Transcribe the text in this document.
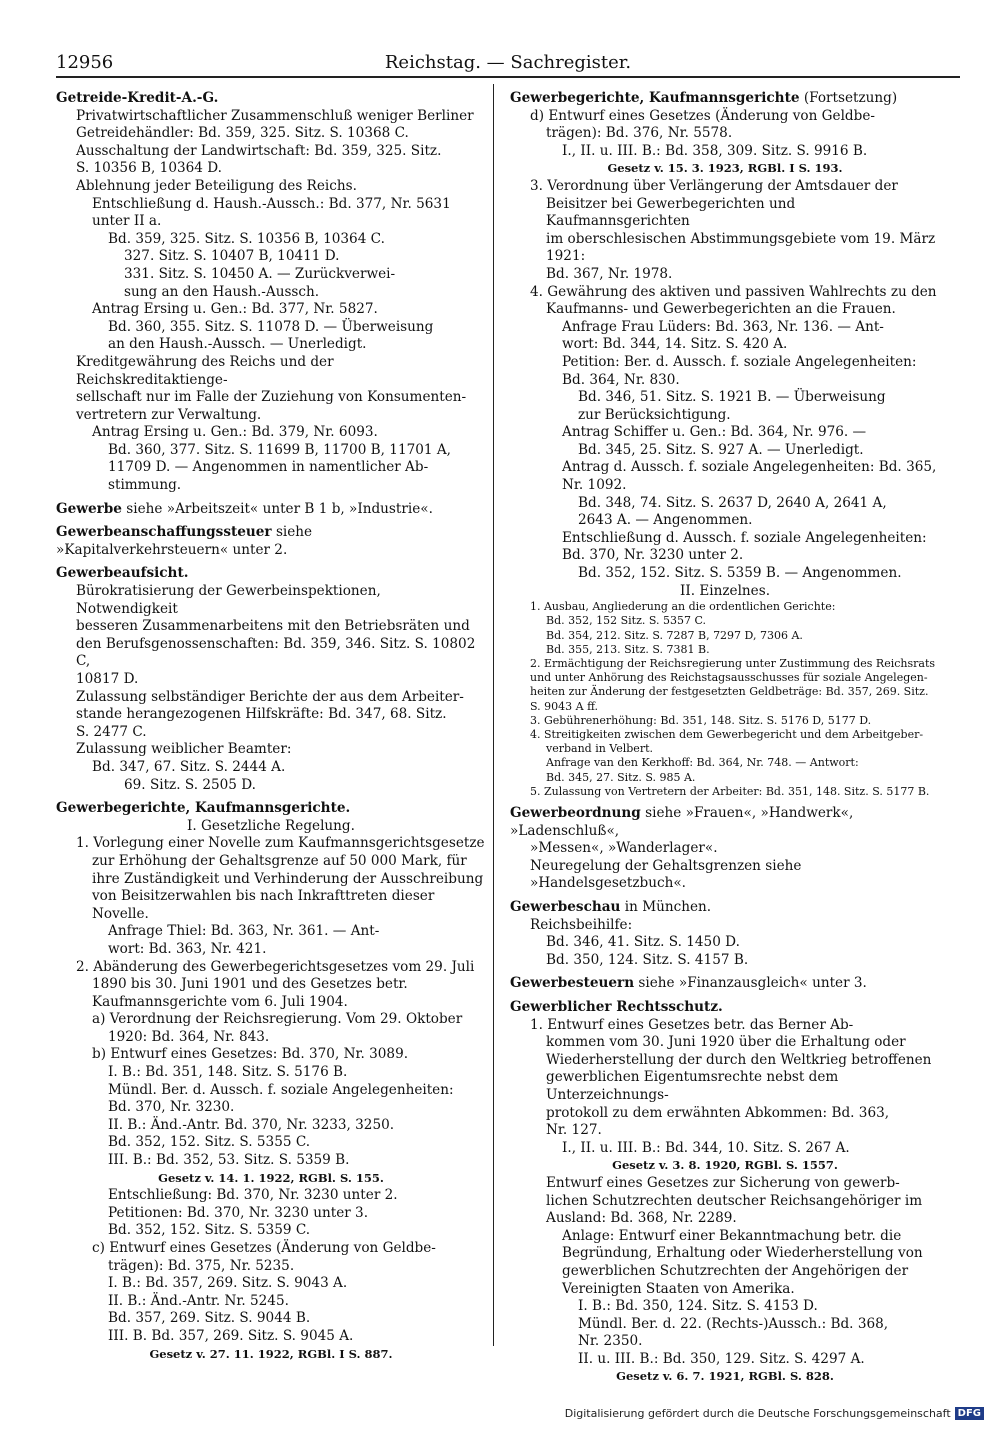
12956	Reichstag. — Sachregister.
Getreide-Kredit-A.-G.
Privatwirtschaftlicher Zusammenschluß weniger Berliner
Getreidehändler: Bd. 359, 325. Sitz. S. 10368 C.
Ausschaltung der Landwirtschaft: Bd. 359, 325. Sitz.
S. 10356 B, 10364 D.
Ablehnung jeder Beteiligung des Reichs.
Entschließung d. Haush.-Aussch.: Bd. 377, Nr. 5631
unter II a.
Bd. 359, 325. Sitz. S. 10356 B, 10364 C.
327. Sitz. S. 10407 B, 10411 D.
331. Sitz. S. 10450 A. — Zurückverwei-
sung an den Haush.-Aussch.
Antrag Ersing u. Gen.: Bd. 377, Nr. 5827.
Bd. 360, 355. Sitz. S. 11078 D. — Überweisung
an den Haush.-Aussch. — Unerledigt.
Kreditgewährung des Reichs und der Reichskreditaktienge-
sellschaft nur im Falle der Zuziehung von Konsumenten-
vertretern zur Verwaltung.
Antrag Ersing u. Gen.: Bd. 379, Nr. 6093.
Bd. 360, 377. Sitz. S. 11699 B, 11700 B, 11701 A,
11709 D. — Angenommen in namentlicher Ab-
stimmung.
Gewerbe siehe »Arbeitszeit« unter B 1 b, »Industrie«.
Gewerbeanschaffungssteuer siehe »Kapitalverkehrsteuern« unter 2.
Gewerbeaufsicht.
Bürokratisierung der Gewerbeinspektionen, Notwendigkeit
besseren Zusammenarbeitens mit den Betriebsräten und
den Berufsgenossenschaften: Bd. 359, 346. Sitz. S. 10802 C,
10817 D.
Zulassung selbständiger Berichte der aus dem Arbeiter-
stande herangezogenen Hilfskräfte: Bd. 347, 68. Sitz.
S. 2477 C.
Zulassung weiblicher Beamter:
Bd. 347, 67. Sitz. S. 2444 A.
69. Sitz. S. 2505 D.
Gewerbegerichte, Kaufmannsgerichte.
I. Gesetzliche Regelung.
1. Vorlegung einer Novelle zum Kaufmannsgerichtsgesetze
zur Erhöhung der Gehaltsgrenze auf 50 000 Mark, für
ihre Zuständigkeit und Verhinderung der Ausschreibung
von Beisitzerwahlen bis nach Inkrafttreten dieser Novelle.
Anfrage Thiel: Bd. 363, Nr. 361. — Ant-
wort: Bd. 363, Nr. 421.
2. Abänderung des Gewerbegerichtsgesetzes vom 29. Juli
1890 bis 30. Juni 1901 und des Gesetzes betr.
Kaufmannsgerichte vom 6. Juli 1904.
a) Verordnung der Reichsregierung. Vom 29. Oktober
1920: Bd. 364, Nr. 843.
b) Entwurf eines Gesetzes: Bd. 370, Nr. 3089.
I. B.: Bd. 351, 148. Sitz. S. 5176 B.
Mündl. Ber. d. Aussch. f. soziale Angelegenheiten:
Bd. 370, Nr. 3230.
II. B.: Änd.-Antr. Bd. 370, Nr. 3233, 3250.
Bd. 352, 152. Sitz. S. 5355 C.
III. B.: Bd. 352, 53. Sitz. S. 5359 B.
Gesetz v. 14. 1. 1922, RGBl. S. 155.
Entschließung: Bd. 370, Nr. 3230 unter 2.
Petitionen: Bd. 370, Nr. 3230 unter 3.
Bd. 352, 152. Sitz. S. 5359 C.
c) Entwurf eines Gesetzes (Änderung von Geldbe-
trägen): Bd. 375, Nr. 5235.
I. B.: Bd. 357, 269. Sitz. S. 9043 A.
II. B.: Änd.-Antr. Nr. 5245.
Bd. 357, 269. Sitz. S. 9044 B.
III. B. Bd. 357, 269. Sitz. S. 9045 A.
Gesetz v. 27. 11. 1922, RGBl. I S. 887.
Gewerbegerichte, Kaufmannsgerichte (Fortsetzung)
d) Entwurf eines Gesetzes (Änderung von Geldbe-
trägen): Bd. 376, Nr. 5578.
I., II. u. III. B.: Bd. 358, 309. Sitz. S. 9916 B.
Gesetz v. 15. 3. 1923, RGBl. I S. 193.
3. Verordnung über Verlängerung der Amtsdauer der
Beisitzer bei Gewerbegerichten und Kaufmannsgerichten
im oberschlesischen Abstimmungsgebiete vom 19. März 1921:
Bd. 367, Nr. 1978.
4. Gewährung des aktiven und passiven Wahlrechts zu den
Kaufmanns- und Gewerbegerichten an die Frauen.
Anfrage Frau Lüders: Bd. 363, Nr. 136. — Ant-
wort: Bd. 344, 14. Sitz. S. 420 A.
Petition: Ber. d. Aussch. f. soziale Angelegenheiten:
Bd. 364, Nr. 830.
Bd. 346, 51. Sitz. S. 1921 B. — Überweisung
zur Berücksichtigung.
Antrag Schiffer u. Gen.: Bd. 364, Nr. 976. —
Bd. 345, 25. Sitz. S. 927 A. — Unerledigt.
Antrag d. Aussch. f. soziale Angelegenheiten: Bd. 365,
Nr. 1092.
Bd. 348, 74. Sitz. S. 2637 D, 2640 A, 2641 A,
2643 A. — Angenommen.
Entschließung d. Aussch. f. soziale Angelegenheiten:
Bd. 370, Nr. 3230 unter 2.
Bd. 352, 152. Sitz. S. 5359 B. — Angenommen.
II. Einzelnes.
1. Ausbau, Angliederung an die ordentlichen Gerichte:
Bd. 352, 152 Sitz. S. 5357 C.
Bd. 354, 212. Sitz. S. 7287 B, 7297 D, 7306 A.
Bd. 355, 213. Sitz. S. 7381 B.
2. Ermächtigung der Reichsregierung unter Zustimmung des Reichsrats
und unter Anhörung des Reichstagsausschusses für soziale Angelegen-
heiten zur Änderung der festgesetzten Geldbeträge: Bd. 357, 269. Sitz.
S. 9043 A ff.
3. Gebührenerhöhung: Bd. 351, 148. Sitz. S. 5176 D, 5177 D.
4. Streitigkeiten zwischen dem Gewerbegericht und dem Arbeitgeber-
verband in Velbert.
Anfrage van den Kerkhoff: Bd. 364, Nr. 748. — Antwort:
Bd. 345, 27. Sitz. S. 985 A.
5. Zulassung von Vertretern der Arbeiter: Bd. 351, 148. Sitz. S. 5177 B.
Gewerbeordnung siehe »Frauen«, »Handwerk«, »Ladenschluß«,
»Messen«, »Wanderlager«.
Neuregelung der Gehaltsgrenzen siehe »Handelsgesetzbuch«.
Gewerbeschau in München.
Reichsbeihilfe:
Bd. 346, 41. Sitz. S. 1450 D.
Bd. 350, 124. Sitz. S. 4157 B.
Gewerbesteuern siehe »Finanzausgleich« unter 3.
Gewerblicher Rechtsschutz.
1. Entwurf eines Gesetzes betr. das Berner Ab-
kommen vom 30. Juni 1920 über die Erhaltung oder
Wiederherstellung der durch den Weltkrieg betroffenen
gewerblichen Eigentumsrechte nebst dem Unterzeichnungs-
protokoll zu dem erwähnten Abkommen: Bd. 363,
Nr. 127.
I., II. u. III. B.: Bd. 344, 10. Sitz. S. 267 A.
Gesetz v. 3. 8. 1920, RGBl. S. 1557.
Entwurf eines Gesetzes zur Sicherung von gewerb-
lichen Schutzrechten deutscher Reichsangehöriger im
Ausland: Bd. 368, Nr. 2289.
Anlage: Entwurf einer Bekanntmachung betr. die
Begründung, Erhaltung oder Wiederherstellung von
gewerblichen Schutzrechten der Angehörigen der
Vereinigten Staaten von Amerika.
I. B.: Bd. 350, 124. Sitz. S. 4153 D.
Mündl. Ber. d. 22. (Rechts-)Aussch.: Bd. 368,
Nr. 2350.
II. u. III. B.: Bd. 350, 129. Sitz. S. 4297 A.
Gesetz v. 6. 7. 1921, RGBl. S. 828.
Digitalisierung gefördert durch die Deutsche Forschungsgemeinschaft DFG
